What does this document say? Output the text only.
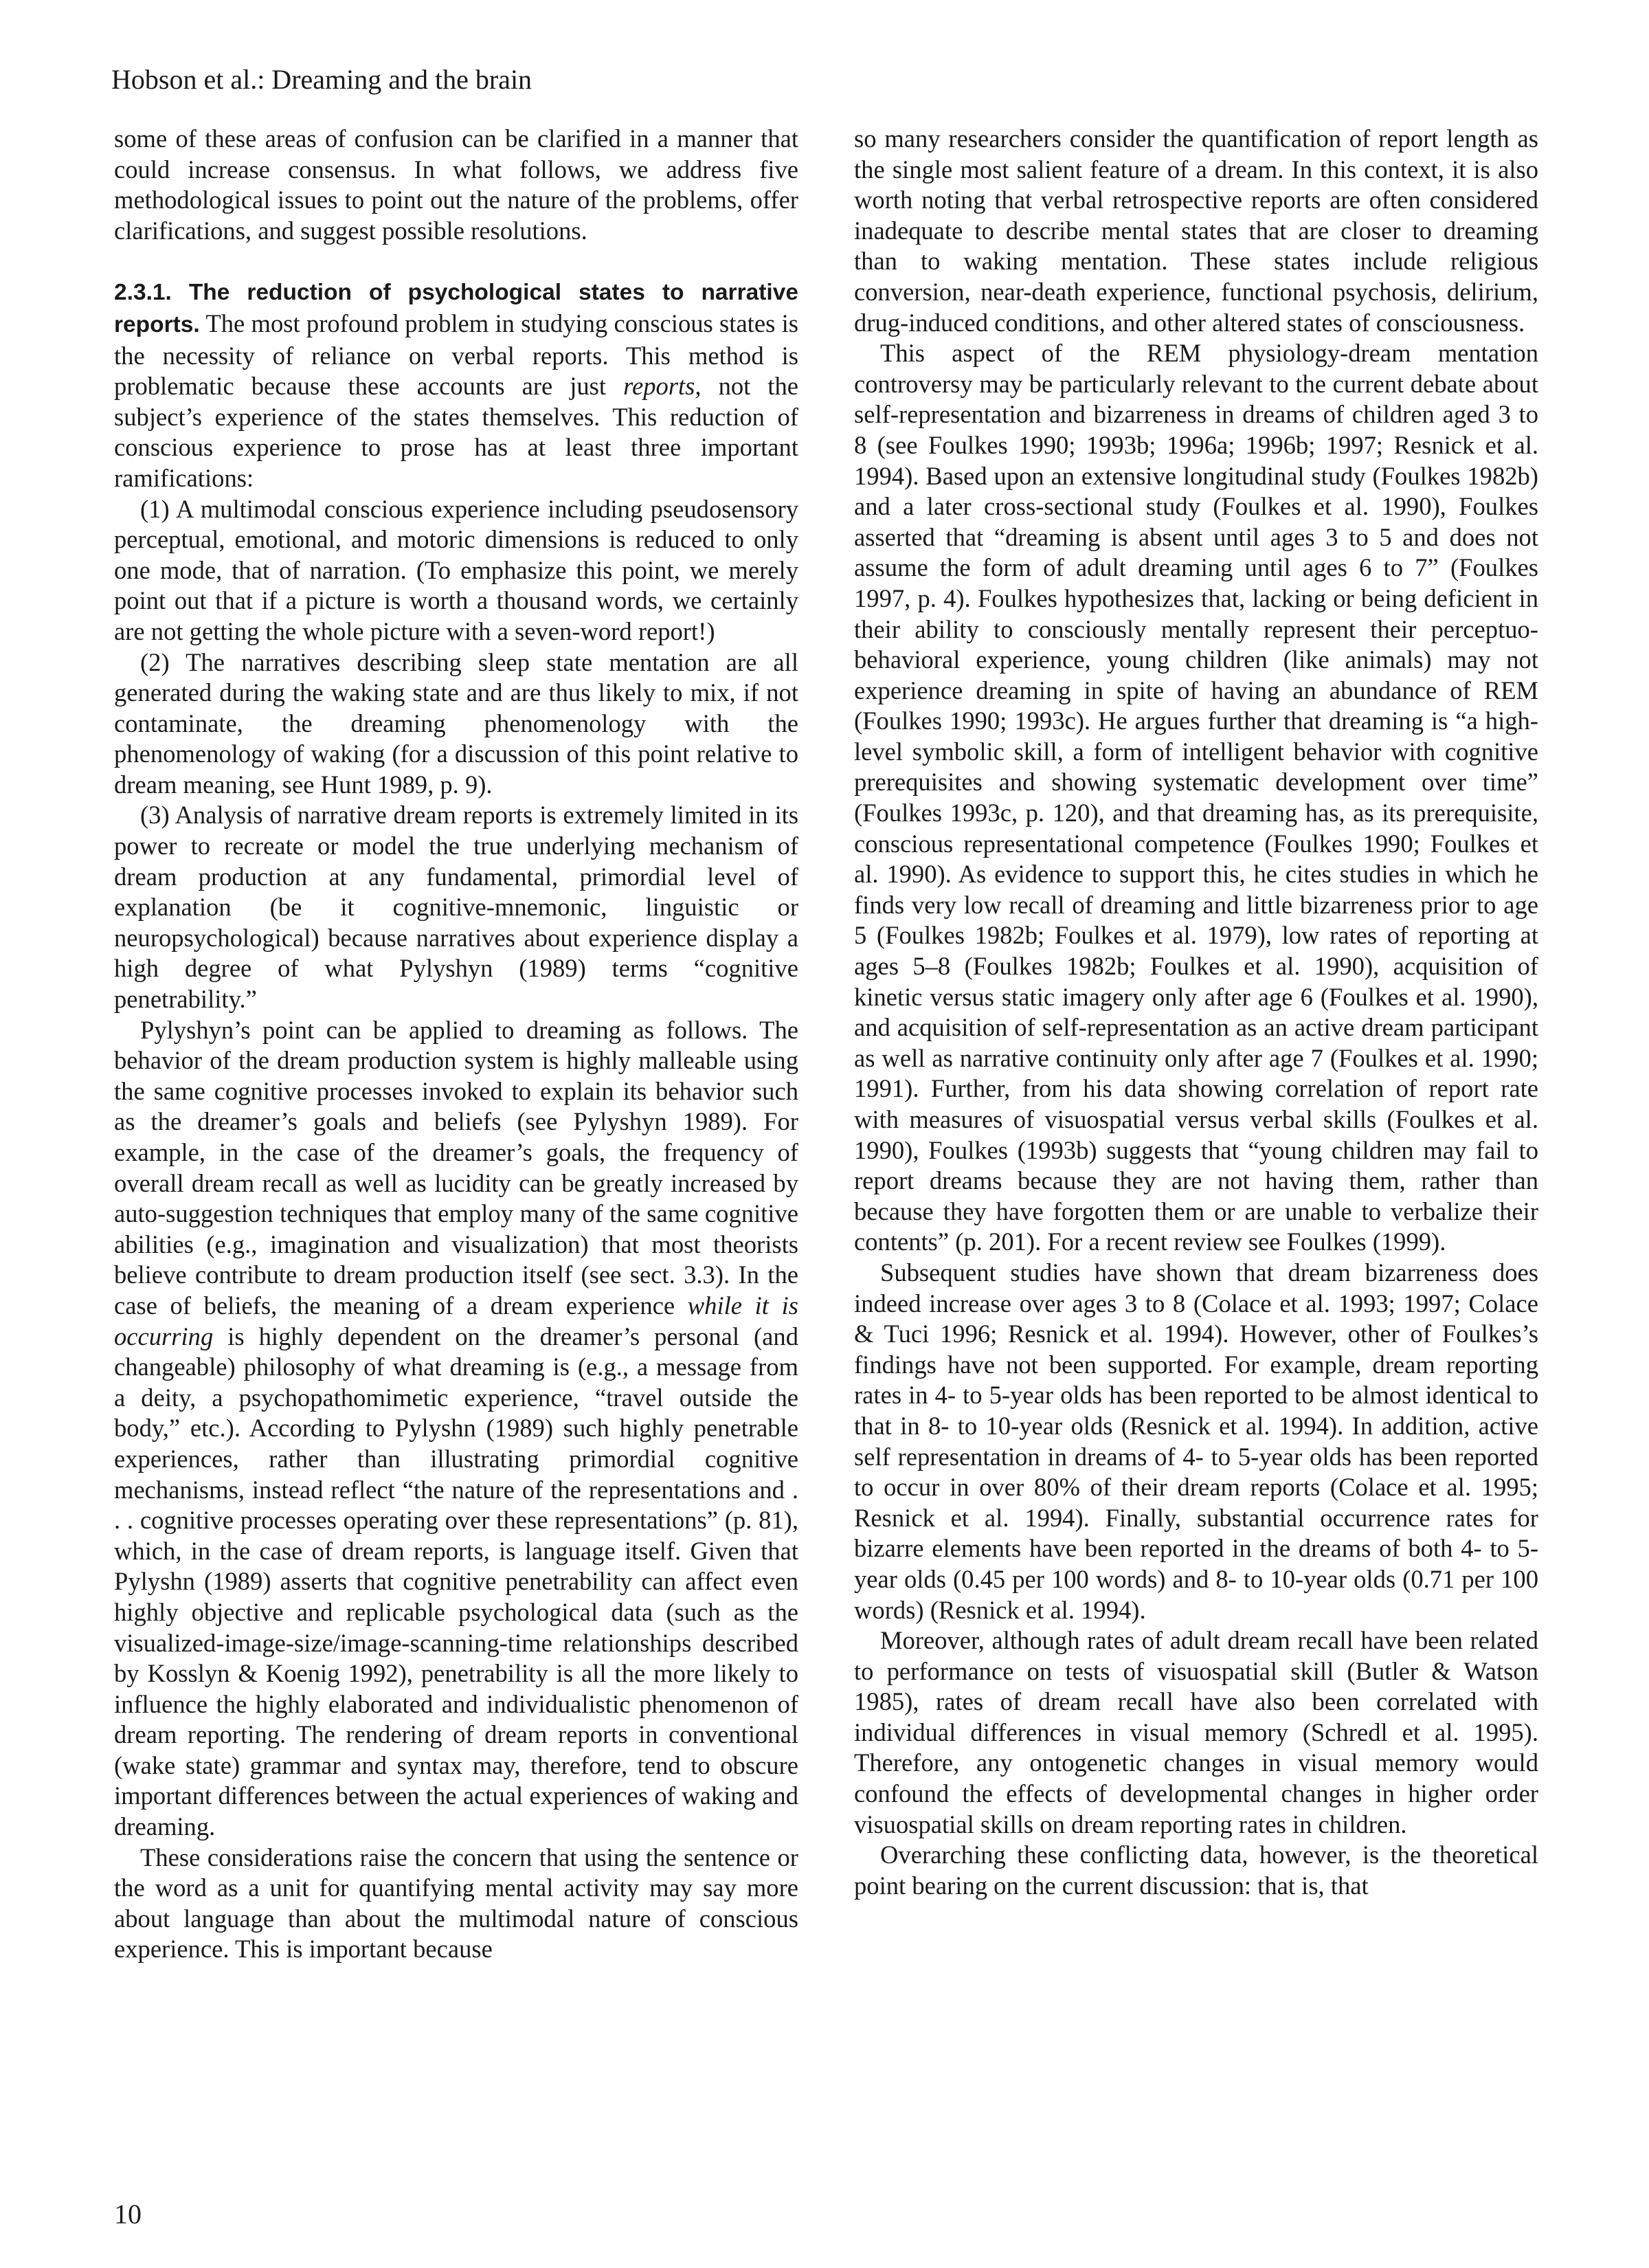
Hobson et al.: Dreaming and the brain

some of these areas of confusion can be clarified in a manner that could increase consensus. In what follows, we address five methodological issues to point out the nature of the problems, offer clarifications, and suggest possible resolutions.

2.3.1. The reduction of psychological states to narrative reports. The most profound problem in studying conscious states is the necessity of reliance on verbal reports. This method is problematic because these accounts are just reports, not the subject’s experience of the states themselves. This reduction of conscious experience to prose has at least three important ramifications:

(1) A multimodal conscious experience including pseudosensory perceptual, emotional, and motoric dimensions is reduced to only one mode, that of narration. (To emphasize this point, we merely point out that if a picture is worth a thousand words, we certainly are not getting the whole picture with a seven-word report!)

(2) The narratives describing sleep state mentation are all generated during the waking state and are thus likely to mix, if not contaminate, the dreaming phenomenology with the phenomenology of waking (for a discussion of this point relative to dream meaning, see Hunt 1989, p. 9).

(3) Analysis of narrative dream reports is extremely limited in its power to recreate or model the true underlying mechanism of dream production at any fundamental, primordial level of explanation (be it cognitive-mnemonic, linguistic or neuropsychological) because narratives about experience display a high degree of what Pylyshyn (1989) terms “cognitive penetrability.”

Pylyshyn’s point can be applied to dreaming as follows. The behavior of the dream production system is highly malleable using the same cognitive processes invoked to explain its behavior such as the dreamer’s goals and beliefs (see Pylyshyn 1989). For example, in the case of the dreamer’s goals, the frequency of overall dream recall as well as lucidity can be greatly increased by auto-suggestion techniques that employ many of the same cognitive abilities (e.g., imagination and visualization) that most theorists believe contribute to dream production itself (see sect. 3.3). In the case of beliefs, the meaning of a dream experience while it is occurring is highly dependent on the dreamer’s personal (and changeable) philosophy of what dreaming is (e.g., a message from a deity, a psychopathomimetic experience, “travel outside the body,” etc.). According to Pylyshn (1989) such highly penetrable experiences, rather than illustrating primordial cognitive mechanisms, instead reflect “the nature of the representations and . . . cognitive processes operating over these representations” (p. 81), which, in the case of dream reports, is language itself. Given that Pylyshn (1989) asserts that cognitive penetrability can affect even highly objective and replicable psychological data (such as the visualized-image-size/image-scanning-time relationships described by Kosslyn & Koenig 1992), penetrability is all the more likely to influence the highly elaborated and individualistic phenomenon of dream reporting. The rendering of dream reports in conventional (wake state) grammar and syntax may, therefore, tend to obscure important differences between the actual experiences of waking and dreaming.

These considerations raise the concern that using the sentence or the word as a unit for quantifying mental activity may say more about language than about the multimodal nature of conscious experience. This is important because

so many researchers consider the quantification of report length as the single most salient feature of a dream. In this context, it is also worth noting that verbal retrospective reports are often considered inadequate to describe mental states that are closer to dreaming than to waking mentation. These states include religious conversion, near-death experience, functional psychosis, delirium, drug-induced conditions, and other altered states of consciousness.

This aspect of the REM physiology-dream mentation controversy may be particularly relevant to the current debate about self-representation and bizarreness in dreams of children aged 3 to 8 (see Foulkes 1990; 1993b; 1996a; 1996b; 1997; Resnick et al. 1994). Based upon an extensive longitudinal study (Foulkes 1982b) and a later cross-sectional study (Foulkes et al. 1990), Foulkes asserted that “dreaming is absent until ages 3 to 5 and does not assume the form of adult dreaming until ages 6 to 7” (Foulkes 1997, p. 4). Foulkes hypothesizes that, lacking or being deficient in their ability to consciously mentally represent their perceptuo-behavioral experience, young children (like animals) may not experience dreaming in spite of having an abundance of REM (Foulkes 1990; 1993c). He argues further that dreaming is “a high-level symbolic skill, a form of intelligent behavior with cognitive prerequisites and showing systematic development over time” (Foulkes 1993c, p. 120), and that dreaming has, as its prerequisite, conscious representational competence (Foulkes 1990; Foulkes et al. 1990). As evidence to support this, he cites studies in which he finds very low recall of dreaming and little bizarreness prior to age 5 (Foulkes 1982b; Foulkes et al. 1979), low rates of reporting at ages 5–8 (Foulkes 1982b; Foulkes et al. 1990), acquisition of kinetic versus static imagery only after age 6 (Foulkes et al. 1990), and acquisition of self-representation as an active dream participant as well as narrative continuity only after age 7 (Foulkes et al. 1990; 1991). Further, from his data showing correlation of report rate with measures of visuospatial versus verbal skills (Foulkes et al. 1990), Foulkes (1993b) suggests that “young children may fail to report dreams because they are not having them, rather than because they have forgotten them or are unable to verbalize their contents” (p. 201). For a recent review see Foulkes (1999).

Subsequent studies have shown that dream bizarreness does indeed increase over ages 3 to 8 (Colace et al. 1993; 1997; Colace & Tuci 1996; Resnick et al. 1994). However, other of Foulkes’s findings have not been supported. For example, dream reporting rates in 4- to 5-year olds has been reported to be almost identical to that in 8- to 10-year olds (Resnick et al. 1994). In addition, active self representation in dreams of 4- to 5-year olds has been reported to occur in over 80% of their dream reports (Colace et al. 1995; Resnick et al. 1994). Finally, substantial occurrence rates for bizarre elements have been reported in the dreams of both 4- to 5-year olds (0.45 per 100 words) and 8- to 10-year olds (0.71 per 100 words) (Resnick et al. 1994).

Moreover, although rates of adult dream recall have been related to performance on tests of visuospatial skill (Butler & Watson 1985), rates of dream recall have also been correlated with individual differences in visual memory (Schredl et al. 1995). Therefore, any ontogenetic changes in visual memory would confound the effects of developmental changes in higher order visuospatial skills on dream reporting rates in children.

Overarching these conflicting data, however, is the theoretical point bearing on the current discussion: that is, that

10
